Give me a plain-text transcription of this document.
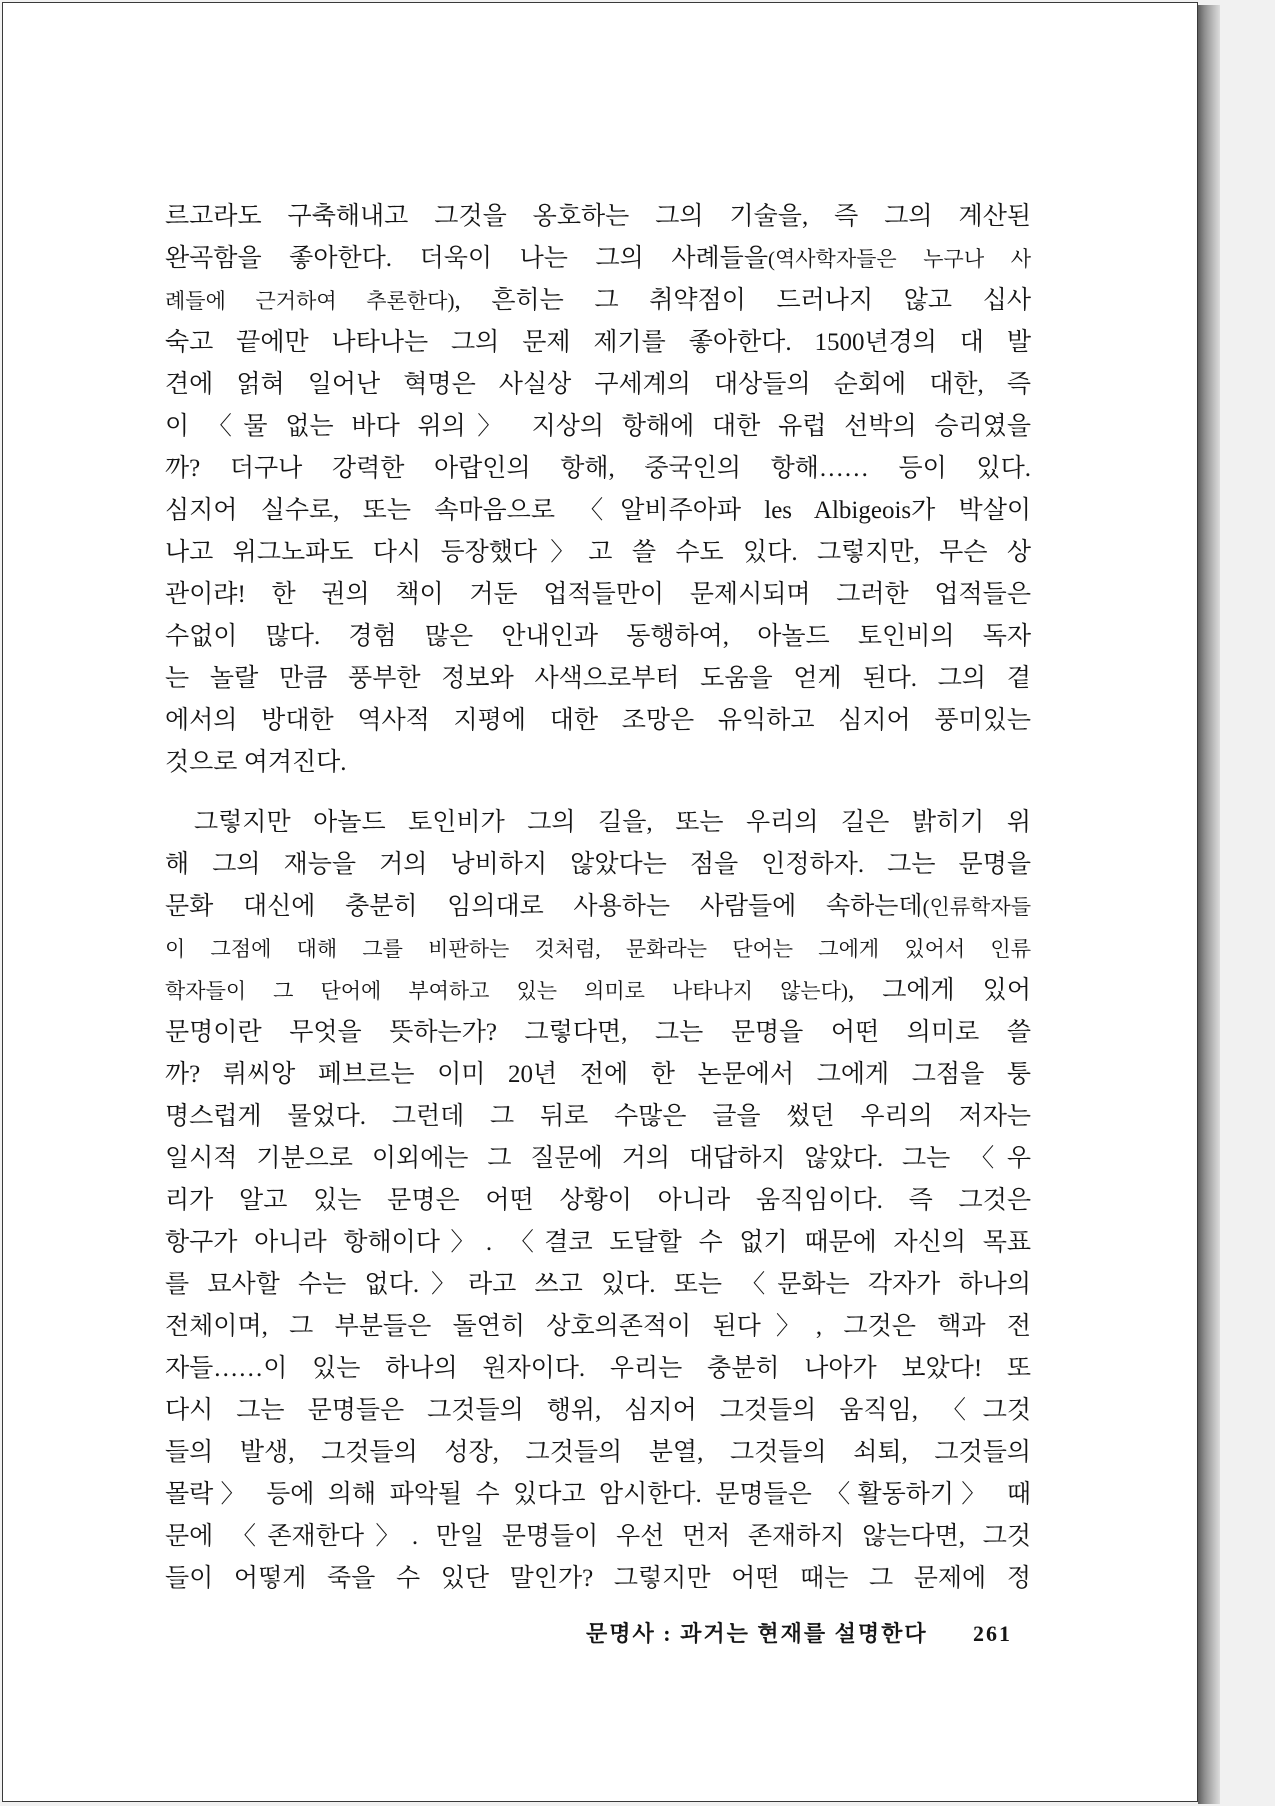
르고라도 구축해내고 그것을 옹호하는 그의 기술을, 즉 그의 계산된
완곡함을 좋아한다. 더욱이 나는 그의 사례들을(역사학자들은 누구나 사
례들에 근거하여 추론한다), 흔히는 그 취약점이 드러나지 않고 십사
숙고 끝에만 나타나는 그의 문제 제기를 좋아한다. 1500년경의 대 발
견에 얽혀 일어난 혁명은 사실상 구세계의 대상들의 순회에 대한, 즉
이 〈물 없는 바다 위의〉 지상의 항해에 대한 유럽 선박의 승리였을
까? 더구나 강력한 아랍인의 항해, 중국인의 항해…… 등이 있다.
심지어 실수로, 또는 속마음으로 〈알비주아파 les Albigeois가 박살이
나고 위그노파도 다시 등장했다〉고 쓸 수도 있다. 그렇지만, 무슨 상
관이랴! 한 권의 책이 거둔 업적들만이 문제시되며 그러한 업적들은
수없이 많다. 경험 많은 안내인과 동행하여, 아놀드 토인비의 독자
는 놀랄 만큼 풍부한 정보와 사색으로부터 도움을 얻게 된다. 그의 곁
에서의 방대한 역사적 지평에 대한 조망은 유익하고 심지어 풍미있는
것으로 여겨진다.
그렇지만 아놀드 토인비가 그의 길을, 또는 우리의 길은 밝히기 위
해 그의 재능을 거의 낭비하지 않았다는 점을 인정하자. 그는 문명을
문화 대신에 충분히 임의대로 사용하는 사람들에 속하는데(인류학자들
이 그점에 대해 그를 비판하는 것처럼, 문화라는 단어는 그에게 있어서 인류
학자들이 그 단어에 부여하고 있는 의미로 나타나지 않는다), 그에게 있어
문명이란 무엇을 뜻하는가? 그렇다면, 그는 문명을 어떤 의미로 쓸
까? 뤼씨앙 페브르는 이미 20년 전에 한 논문에서 그에게 그점을 퉁
명스럽게 물었다. 그런데 그 뒤로 수많은 글을 썼던 우리의 저자는
일시적 기분으로 이외에는 그 질문에 거의 대답하지 않았다. 그는 〈우
리가 알고 있는 문명은 어떤 상황이 아니라 움직임이다. 즉 그것은
항구가 아니라 항해이다〉. 〈결코 도달할 수 없기 때문에 자신의 목표
를 묘사할 수는 없다.〉라고 쓰고 있다. 또는 〈문화는 각자가 하나의
전체이며, 그 부분들은 돌연히 상호의존적이 된다〉, 그것은 핵과 전
자들……이 있는 하나의 원자이다. 우리는 충분히 나아가 보았다! 또
다시 그는 문명들은 그것들의 행위, 심지어 그것들의 움직임, 〈그것
들의 발생, 그것들의 성장, 그것들의 분열, 그것들의 쇠퇴, 그것들의
몰락〉 등에 의해 파악될 수 있다고 암시한다. 문명들은 〈활동하기〉 때
문에 〈존재한다〉. 만일 문명들이 우선 먼저 존재하지 않는다면, 그것
들이 어떻게 죽을 수 있단 말인가? 그렇지만 어떤 때는 그 문제에 정
문명사 : 과거는 현재를 설명한다 261
